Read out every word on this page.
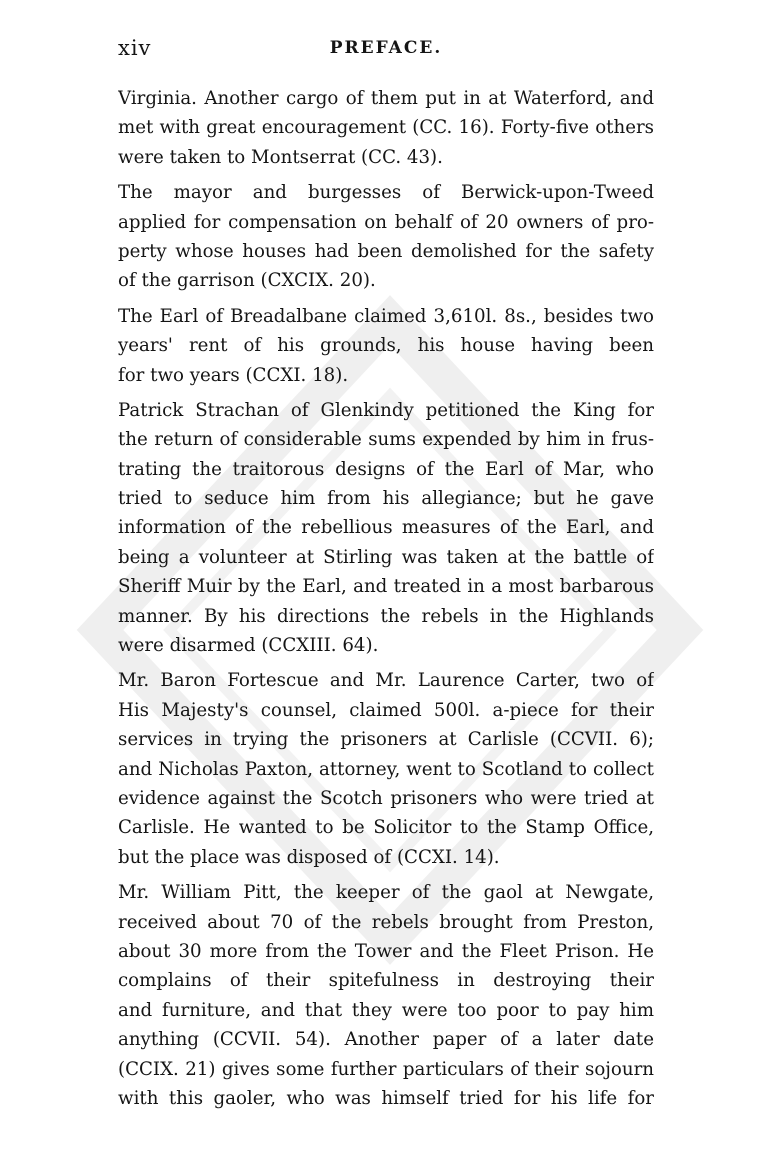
xiv	PREFACE.

Virginia. Another cargo of them put in at Waterford, and
met with great encouragement (CC. 16). Forty-five others
were taken to Montserrat (CC. 43).

The mayor and burgesses of Berwick-upon-Tweed
applied for compensation on behalf of 20 owners of pro-
perty whose houses had been demolished for the safety
of the garrison (CXCIX. 20).

The Earl of Breadalbane claimed 3,610l. 8s., besides two
years' rent of his grounds, his house having been
for two years (CCXI. 18).

Patrick Strachan of Glenkindy petitioned the King for
the return of considerable sums expended by him in frus-
trating the traitorous designs of the Earl of Mar, who
tried to seduce him from his allegiance; but he gave
information of the rebellious measures of the Earl, and
being a volunteer at Stirling was taken at the battle of
Sheriff Muir by the Earl, and treated in a most barbarous
manner. By his directions the rebels in the Highlands
were disarmed (CCXIII. 64).

Mr. Baron Fortescue and Mr. Laurence Carter, two of
His Majesty's counsel, claimed 500l. a-piece for their
services in trying the prisoners at Carlisle (CCVII. 6);
and Nicholas Paxton, attorney, went to Scotland to collect
evidence against the Scotch prisoners who were tried at
Carlisle. He wanted to be Solicitor to the Stamp Office,
but the place was disposed of (CCXI. 14).

Mr. William Pitt, the keeper of the gaol at Newgate,
received about 70 of the rebels brought from Preston,
about 30 more from the Tower and the Fleet Prison. He
complains of their spitefulness in destroying their
and furniture, and that they were too poor to pay him
anything (CCVII. 54). Another paper of a later date
(CCIX. 21) gives some further particulars of their sojourn
with this gaoler, who was himself tried for his life for
